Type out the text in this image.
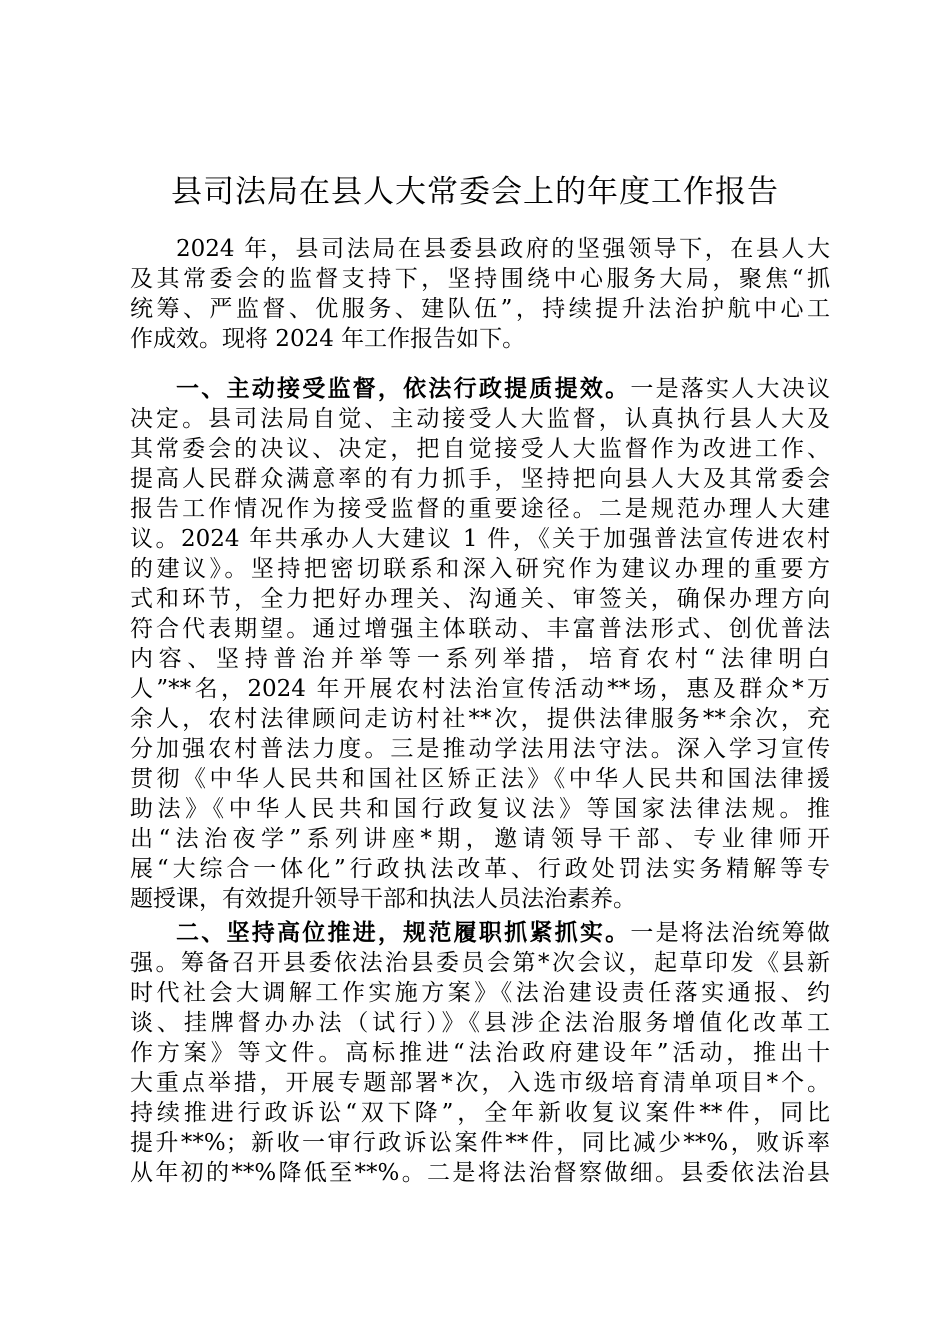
县司法局在县人大常委会上的年度工作报告
2024 年，县司法局在县委县政府的坚强领导下，在县人大
及其常委会的监督支持下，坚持围绕中心服务大局，聚焦“抓
统筹、严监督、优服务、建队伍”，持续提升法治护航中心工
作成效。现将 2024 年工作报告如下。
一、主动接受监督，依法行政提质提效。一是落实人大决议
决定。县司法局自觉、主动接受人大监督，认真执行县人大及
其常委会的决议、决定，把自觉接受人大监督作为改进工作、
提高人民群众满意率的有力抓手，坚持把向县人大及其常委会
报告工作情况作为接受监督的重要途径。二是规范办理人大建
议。2024 年共承办人大建议 1 件，《关于加强普法宣传进农村
的建议》。坚持把密切联系和深入研究作为建议办理的重要方
式和环节，全力把好办理关、沟通关、审签关，确保办理方向
符合代表期望。通过增强主体联动、丰富普法形式、创优普法
内容、坚持普治并举等一系列举措，培育农村“法律明白
人”**名，2024 年开展农村法治宣传活动**场，惠及群众*万
余人，农村法律顾问走访村社**次，提供法律服务**余次，充
分加强农村普法力度。三是推动学法用法守法。深入学习宣传
贯彻《中华人民共和国社区矫正法》《中华人民共和国法律援
助法》《中华人民共和国行政复议法》等国家法律法规。推
出“法治夜学”系列讲座*期，邀请领导干部、专业律师开
展“大综合一体化”行政执法改革、行政处罚法实务精解等专
题授课，有效提升领导干部和执法人员法治素养。
二、坚持高位推进，规范履职抓紧抓实。一是将法治统筹做
强。筹备召开县委依法治县委员会第*次会议，起草印发《县新
时代社会大调解工作实施方案》《法治建设责任落实通报、约
谈、挂牌督办办法（试行）》《县涉企法治服务增值化改革工
作方案》等文件。高标推进“法治政府建设年”活动，推出十
大重点举措，开展专题部署*次，入选市级培育清单项目*个。
持续推进行政诉讼“双下降”，全年新收复议案件**件，同比
提升**%；新收一审行政诉讼案件**件，同比减少**%，败诉率
从年初的**%降低至**%。二是将法治督察做细。县委依法治县
